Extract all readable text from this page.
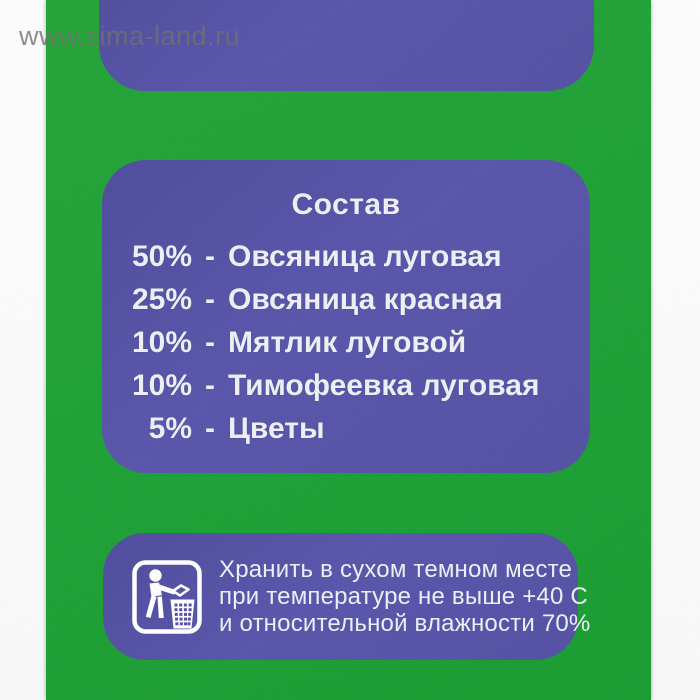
Состав
50% - Овсяница луговая
25% - Овсяница красная
10% - Мятлик луговой
10% - Тимофеевка луговая
5% - Цветы
Хранить в сухом темном месте
при температуре не выше +40 С
и относительной влажности 70%
www.sima-land.ru
